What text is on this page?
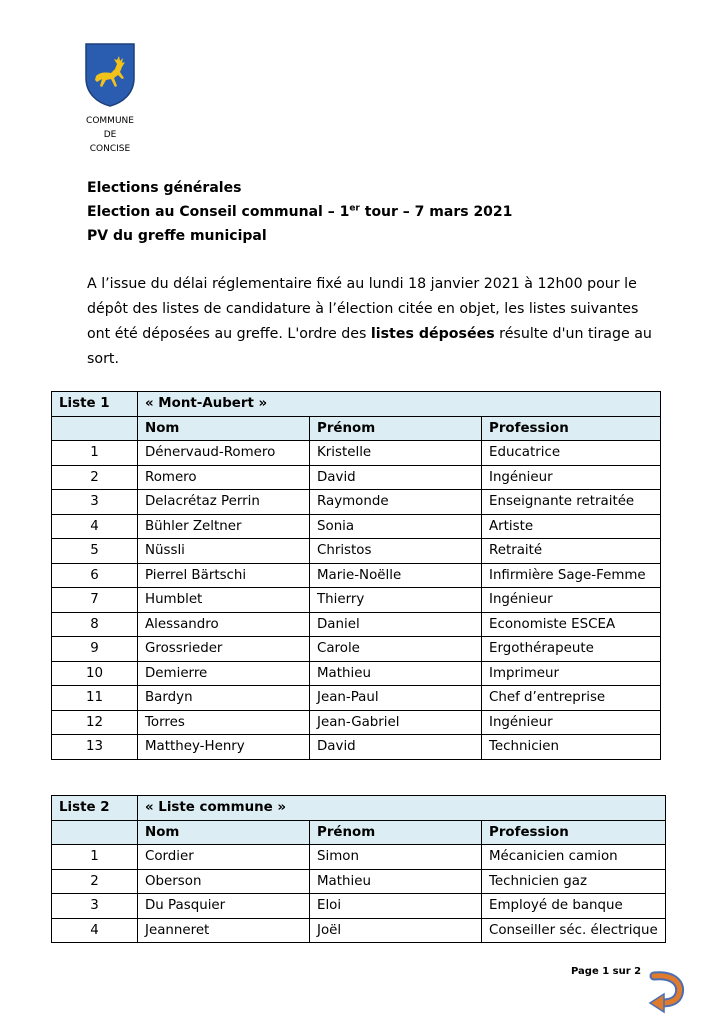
COMMUNE
DE
CONCISE
Elections générales
Election au Conseil communal – 1er tour – 7 mars 2021
PV du greffe municipal
A l’issue du délai réglementaire fixé au lundi 18 janvier 2021 à 12h00 pour le dépôt des listes de candidature à l’élection citée en objet, les listes suivantes ont été déposées au greffe. L'ordre des listes déposées résulte d'un tirage au sort.
Liste 1	« Mont-Aubert »		
	Nom	Prénom	Profession
1	Dénervaud-Romero	Kristelle	Educatrice
2	Romero	David	Ingénieur
3	Delacrétaz Perrin	Raymonde	Enseignante retraitée
4	Bühler Zeltner	Sonia	Artiste
5	Nüssli	Christos	Retraité
6	Pierrel Bärtschi	Marie-Noëlle	Infirmière Sage-Femme
7	Humblet	Thierry	Ingénieur
8	Alessandro	Daniel	Economiste ESCEA
9	Grossrieder	Carole	Ergothérapeute
10	Demierre	Mathieu	Imprimeur
11	Bardyn	Jean-Paul	Chef d’entreprise
12	Torres	Jean-Gabriel	Ingénieur
13	Matthey-Henry	David	Technicien
Liste 2	« Liste commune »		
	Nom	Prénom	Profession
1	Cordier	Simon	Mécanicien camion
2	Oberson	Mathieu	Technicien gaz
3	Du Pasquier	Eloi	Employé de banque
4	Jeanneret	Joël	Conseiller séc. électrique
Page 1 sur 2
